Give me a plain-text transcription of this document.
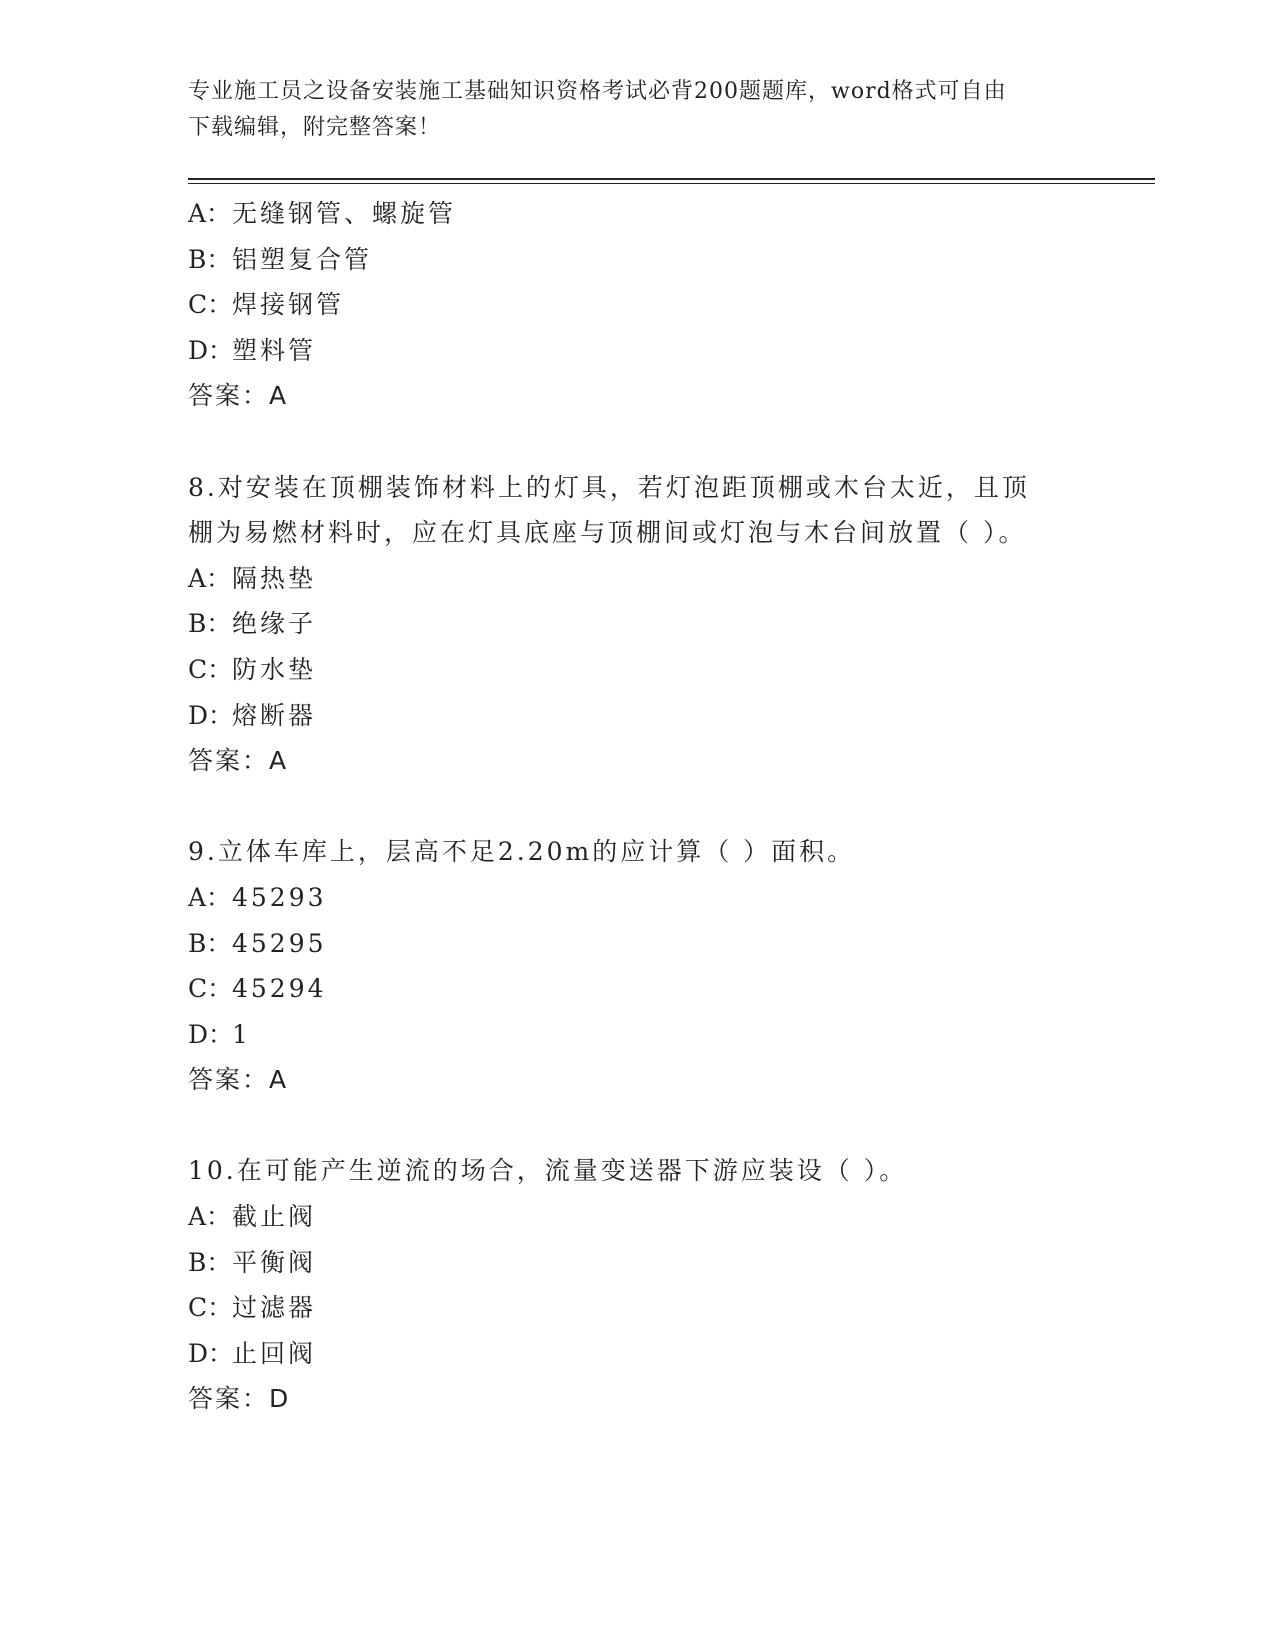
专业施工员之设备安装施工基础知识资格考试必背200题题库，word格式可自由
下载编辑，附完整答案！
A：无缝钢管、螺旋管
B：铝塑复合管
C：焊接钢管
D：塑料管
答案：A
8.对安装在顶棚装饰材料上的灯具，若灯泡距顶棚或木台太近，且顶
棚为易燃材料时，应在灯具底座与顶棚间或灯泡与木台间放置（ ）。
A：隔热垫
B：绝缘子
C：防水垫
D：熔断器
答案：A
9.立体车库上，层高不足2.20m的应计算（ ）面积。
A：45293
B：45295
C：45294
D：1
答案：A
10.在可能产生逆流的场合，流量变送器下游应装设（ ）。
A：截止阀
B：平衡阀
C：过滤器
D：止回阀
答案：D
